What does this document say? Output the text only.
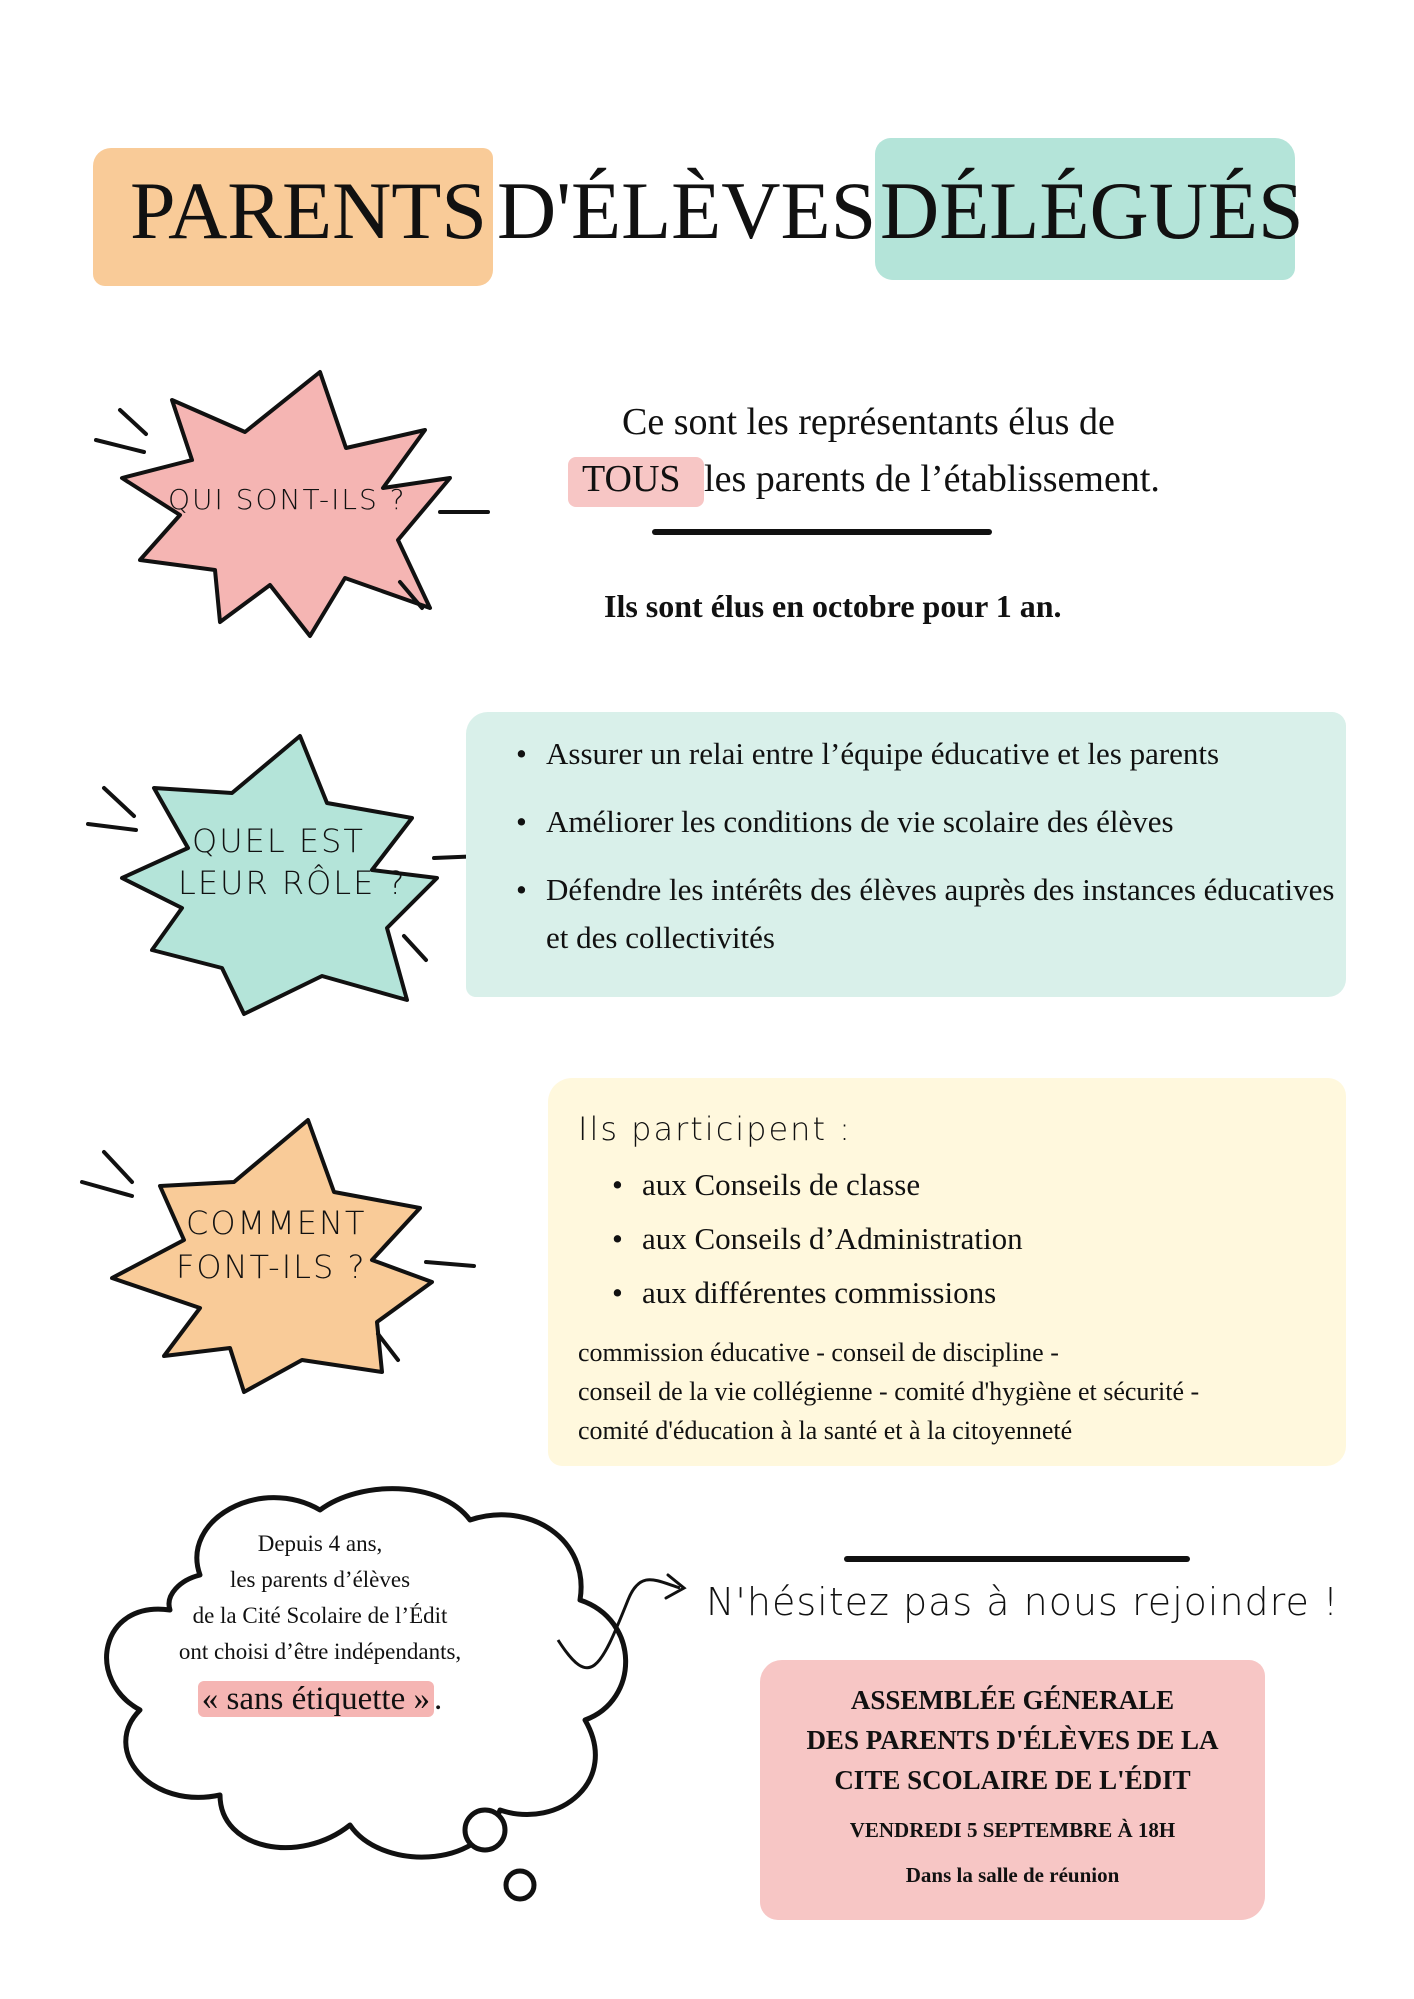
PARENTS D'ÉLÈVES DÉLÉGUÉS
QUI SONT-ILS ?
Ce sont les représentants élus de
TOUS les parents de l’établissement.
Ils sont élus en octobre pour 1 an.
QUEL EST
LEUR RÔLE ?
• Assurer un relai entre l’équipe éducative et les parents
• Améliorer les conditions de vie scolaire des élèves
• Défendre les intérêts des élèves auprès des instances éducatives et des collectivités
COMMENT
FONT-ILS ?
Ils participent :
• aux Conseils de classe
• aux Conseils d’Administration
• aux différentes commissions
commission éducative - conseil de discipline -
conseil de la vie collégienne - comité d'hygiène et sécurité -
comité d'éducation à la santé et à la citoyenneté
Depuis 4 ans,
les parents d’élèves
de la Cité Scolaire de l’Édit
ont choisi d’être indépendants,
« sans étiquette » .
N'hésitez pas à nous rejoindre !
ASSEMBLÉE GÉNERALE
DES PARENTS D'ÉLÈVES DE LA
CITE SCOLAIRE DE L'ÉDIT
VENDREDI 5 SEPTEMBRE À 18H
Dans la salle de réunion
